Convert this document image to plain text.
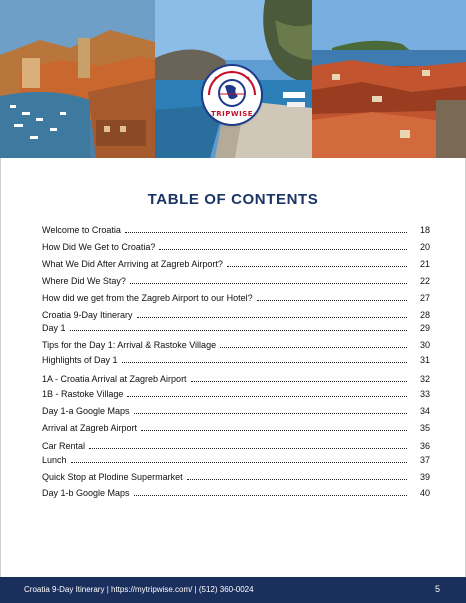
TRIPWISE
TABLE OF CONTENTS
Welcome to Croatia	18
How Did We Get to Croatia?	20
What We Did After Arriving at Zagreb Airport?	21
Where Did We Stay?	22
How did we get from the Zagreb Airport to our Hotel?	27
Croatia 9-Day Itinerary	28
Day 1	29
Tips for the Day 1: Arrival & Rastoke Village	30
Highlights of Day 1	31
1A - Croatia Arrival at Zagreb Airport	32
1B - Rastoke Village	33
Day 1-a Google Maps	34
Arrival at Zagreb Airport	35
Car Rental	36
Lunch	37
Quick Stop at Plodine Supermarket	39
Day 1-b Google Maps	40
Croatia 9-Day Itinerary | https://mytripwise.com/ | (512) 360-0024	5
